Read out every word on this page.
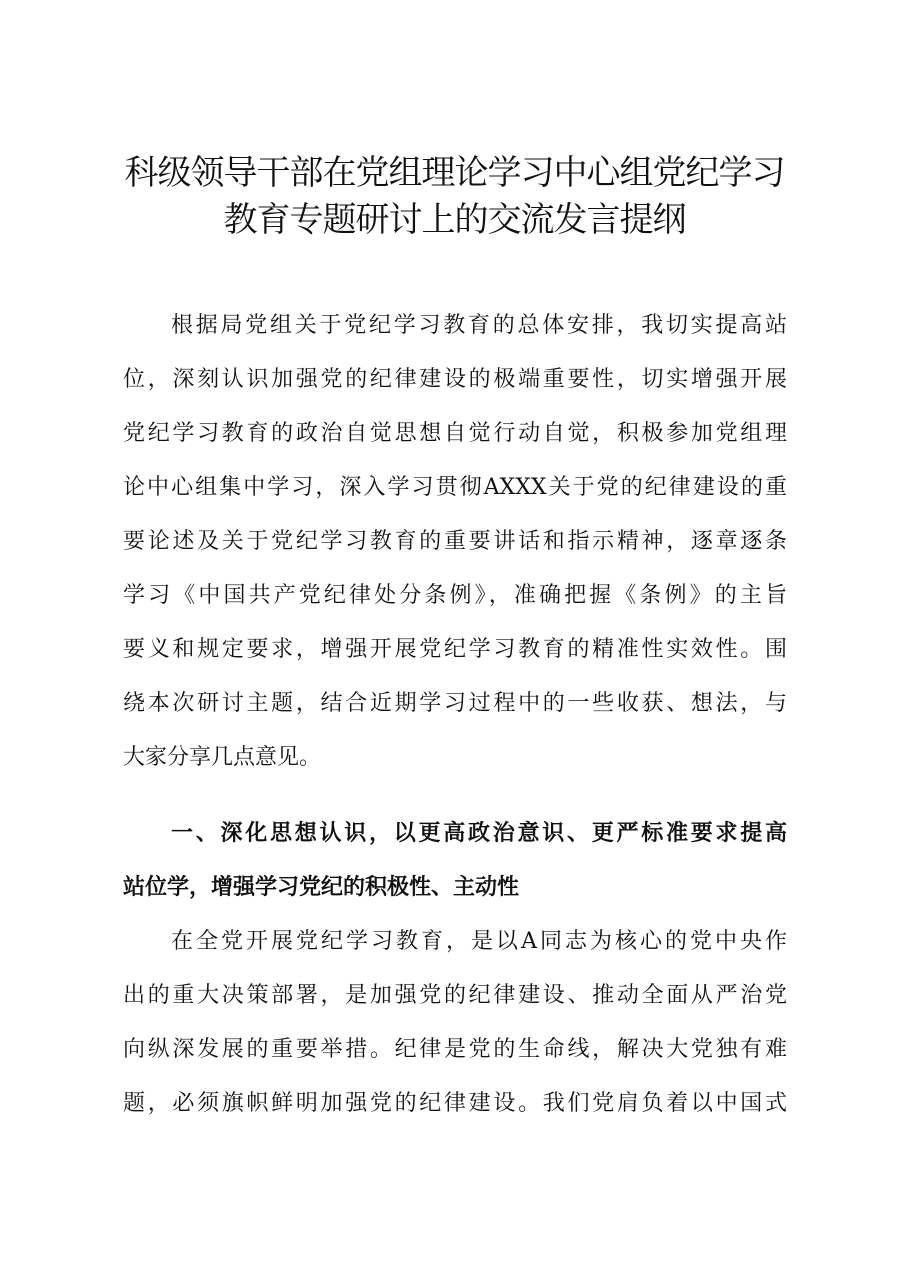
科级领导干部在党组理论学习中心组党纪学习
教育专题研讨上的交流发言提纲
根据局党组关于党纪学习教育的总体安排，我切实提高站
位，深刻认识加强党的纪律建设的极端重要性，切实增强开展
党纪学习教育的政治自觉思想自觉行动自觉，积极参加党组理
论中心组集中学习，深入学习贯彻AXXX关于党的纪律建设的重
要论述及关于党纪学习教育的重要讲话和指示精神，逐章逐条
学习《中国共产党纪律处分条例》，准确把握《条例》的主旨
要义和规定要求，增强开展党纪学习教育的精准性实效性。围
绕本次研讨主题，结合近期学习过程中的一些收获、想法，与
大家分享几点意见。
一、深化思想认识，以更高政治意识、更严标准要求提高
站位学，增强学习党纪的积极性、主动性
在全党开展党纪学习教育，是以A同志为核心的党中央作
出的重大决策部署，是加强党的纪律建设、推动全面从严治党
向纵深发展的重要举措。纪律是党的生命线，解决大党独有难
题，必须旗帜鲜明加强党的纪律建设。我们党肩负着以中国式
